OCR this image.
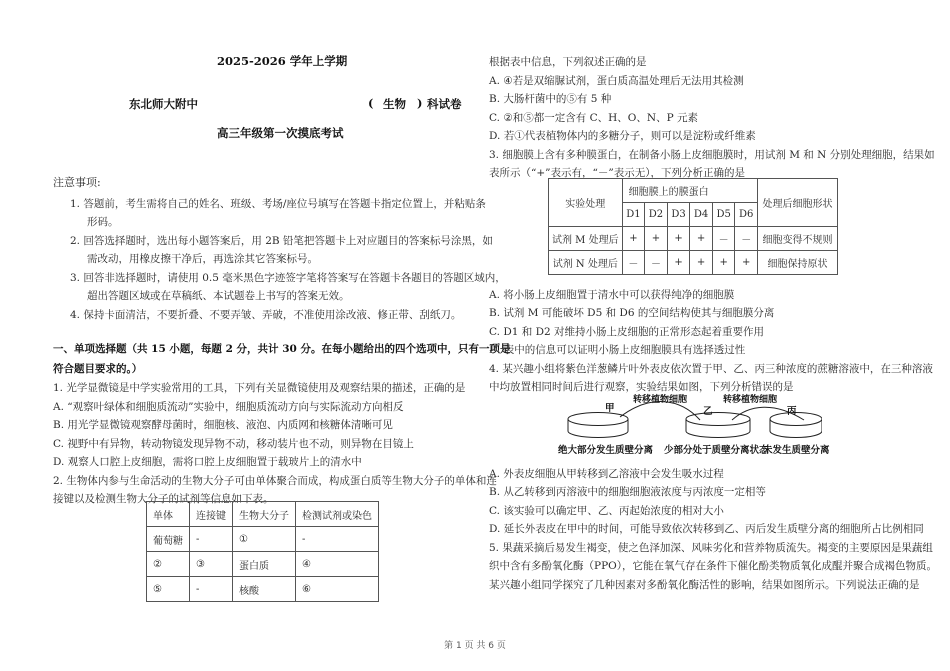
2025-2026 学年上学期
东北师大附中	( 生物 ) 科试卷
高三年级第一次摸底考试
注意事项:
1. 答题前，考生需将自己的姓名、班级、考场/座位号填写在答题卡指定位置上，并粘贴条
形码。
2. 回答选择题时，选出每小题答案后，用 2B 铅笔把答题卡上对应题目的答案标号涂黑，如
需改动，用橡皮擦干净后，再选涂其它答案标号。
3. 回答非选择题时，请使用 0.5 毫米黑色字迹签字笔将答案写在答题卡各题目的答题区域内，
超出答题区域或在草稿纸、本试题卷上书写的答案无效。
4. 保持卡面清洁，不要折叠、不要弄皱、弄破，不准使用涂改液、修正带、刮纸刀。
一、单项选择题（共 15 小题，每题 2 分，共计 30 分。在每小题给出的四个选项中，只有一项是
符合题目要求的。）
1. 光学显微镜是中学实验常用的工具，下列有关显微镜使用及观察结果的描述，正确的是
A. “观察叶绿体和细胞质流动”实验中，细胞质流动方向与实际流动方向相反
B. 用光学显微镜观察酵母菌时，细胞核、液泡、内质网和核糖体清晰可见
C. 视野中有异物，转动物镜发现异物不动，移动装片也不动，则异物在目镜上
D. 观察人口腔上皮细胞，需将口腔上皮细胞置于载玻片上的清水中
2. 生物体内参与生命活动的生物大分子可由单体聚合而成，构成蛋白质等生物大分子的单体和连
接键以及检测生物大分子的试剂等信息如下表。
单体	连接键	生物大分子	检测试剂或染色
葡萄糖	-	①	-
②	③	蛋白质	④
⑤	-	核酸	⑥
根据表中信息，下列叙述正确的是
A. ④若是双缩脲试剂，蛋白质高温处理后无法用其检测
B. 大肠杆菌中的⑤有 5 种
C. ②和⑤都一定含有 C、H、O、N、P 元素
D. 若①代表植物体内的多糖分子，则可以是淀粉或纤维素
3. 细胞膜上含有多种膜蛋白，在制备小肠上皮细胞膜时，用试剂 M 和 N 分别处理细胞，结果如
表所示（“+”表示有，“－”表示无），下列分析正确的是
实验处理	细胞膜上的膜蛋白						处理后细胞形状
	D1	D2	D3	D4	D5	D6	
试剂 M 处理后	+	+	+	+	－	－	细胞变得不规则
试剂 N 处理后	－	－	+	+	+	+	细胞保持原状
A. 将小肠上皮细胞置于清水中可以获得纯净的细胞膜
B. 试剂 M 可能破坏 D5 和 D6 的空间结构使其与细胞膜分离
C. D1 和 D2 对维持小肠上皮细胞的正常形态起着重要作用
D. 表中的信息可以证明小肠上皮细胞膜具有选择透过性
4. 某兴趣小组将紫色洋葱鳞片叶外表皮依次置于甲、乙、丙三种浓度的蔗糖溶液中，在三种溶液
中均放置相同时间后进行观察，实验结果如图，下列分析错误的是
甲	乙	丙
转移植物细胞	转移植物细胞
绝大部分发生质壁分离 少部分处于质壁分离状态
未发生质壁分离
A. 外表皮细胞从甲转移到乙溶液中会发生吸水过程
B. 从乙转移到丙溶液中的细胞细胞液浓度与丙浓度一定相等
C. 该实验可以确定甲、乙、丙起始浓度的相对大小
D. 延长外表皮在甲中的时间，可能导致依次转移到乙、丙后发生质壁分离的细胞所占比例相同
5. 果蔬采摘后易发生褐变，使之色泽加深、风味劣化和营养物质流失。褐变的主要原因是果蔬组
织中含有多酚氧化酶（PPO），它能在氧气存在条件下催化酚类物质氧化成醌并聚合成褐色物质。
某兴趣小组同学探究了几种因素对多酚氧化酶活性的影响，结果如图所示。下列说法正确的是
第 1 页 共 6 页
